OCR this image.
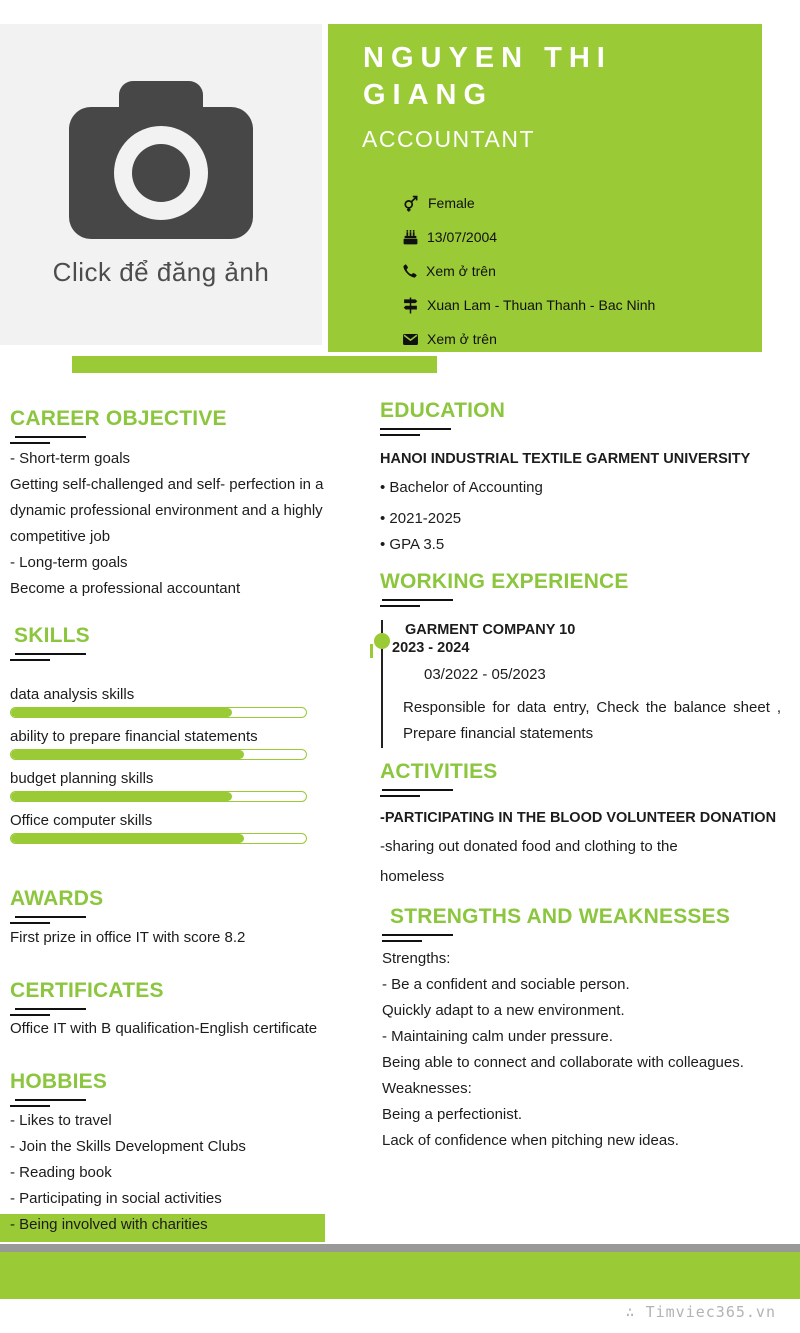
Click để đăng ảnh
NGUYEN THI
GIANG
ACCOUNTANT
Female
13/07/2004
Xem ở trên
Xuan Lam - Thuan Thanh - Bac Ninh
Xem ở trên
CAREER OBJECTIVE
- Short-term goals
Getting self-challenged and self- perfection in a
dynamic professional environment and a highly
competitive job
- Long-term goals
Become a professional accountant
SKILLS
data analysis skills
ability to prepare financial statements
budget planning skills
Office computer skills
AWARDS
First prize in office IT with score 8.2
CERTIFICATES
Office IT with B qualification-English certificate
HOBBIES
- Likes to travel
- Join the Skills Development Clubs
- Reading book
- Participating in social activities
- Being involved with charities
EDUCATION
HANOI INDUSTRIAL TEXTILE GARMENT UNIVERSITY
• Bachelor of Accounting
• 2021-2025
• GPA 3.5
WORKING EXPERIENCE
GARMENT COMPANY 10
2023 - 2024
03/2022 - 05/2023
Responsible for data entry, Check the balance sheet , Prepare financial statements
ACTIVITIES
-PARTICIPATING IN THE BLOOD VOLUNTEER DONATION
-sharing out donated food and clothing to the
homeless
STRENGTHS AND WEAKNESSES
Strengths:
- Be a confident and sociable person.
Quickly adapt to a new environment.
- Maintaining calm under pressure.
Being able to connect and collaborate with colleagues.
Weaknesses:
Being a perfectionist.
Lack of confidence when pitching new ideas.
∴ Timviec365.vn
